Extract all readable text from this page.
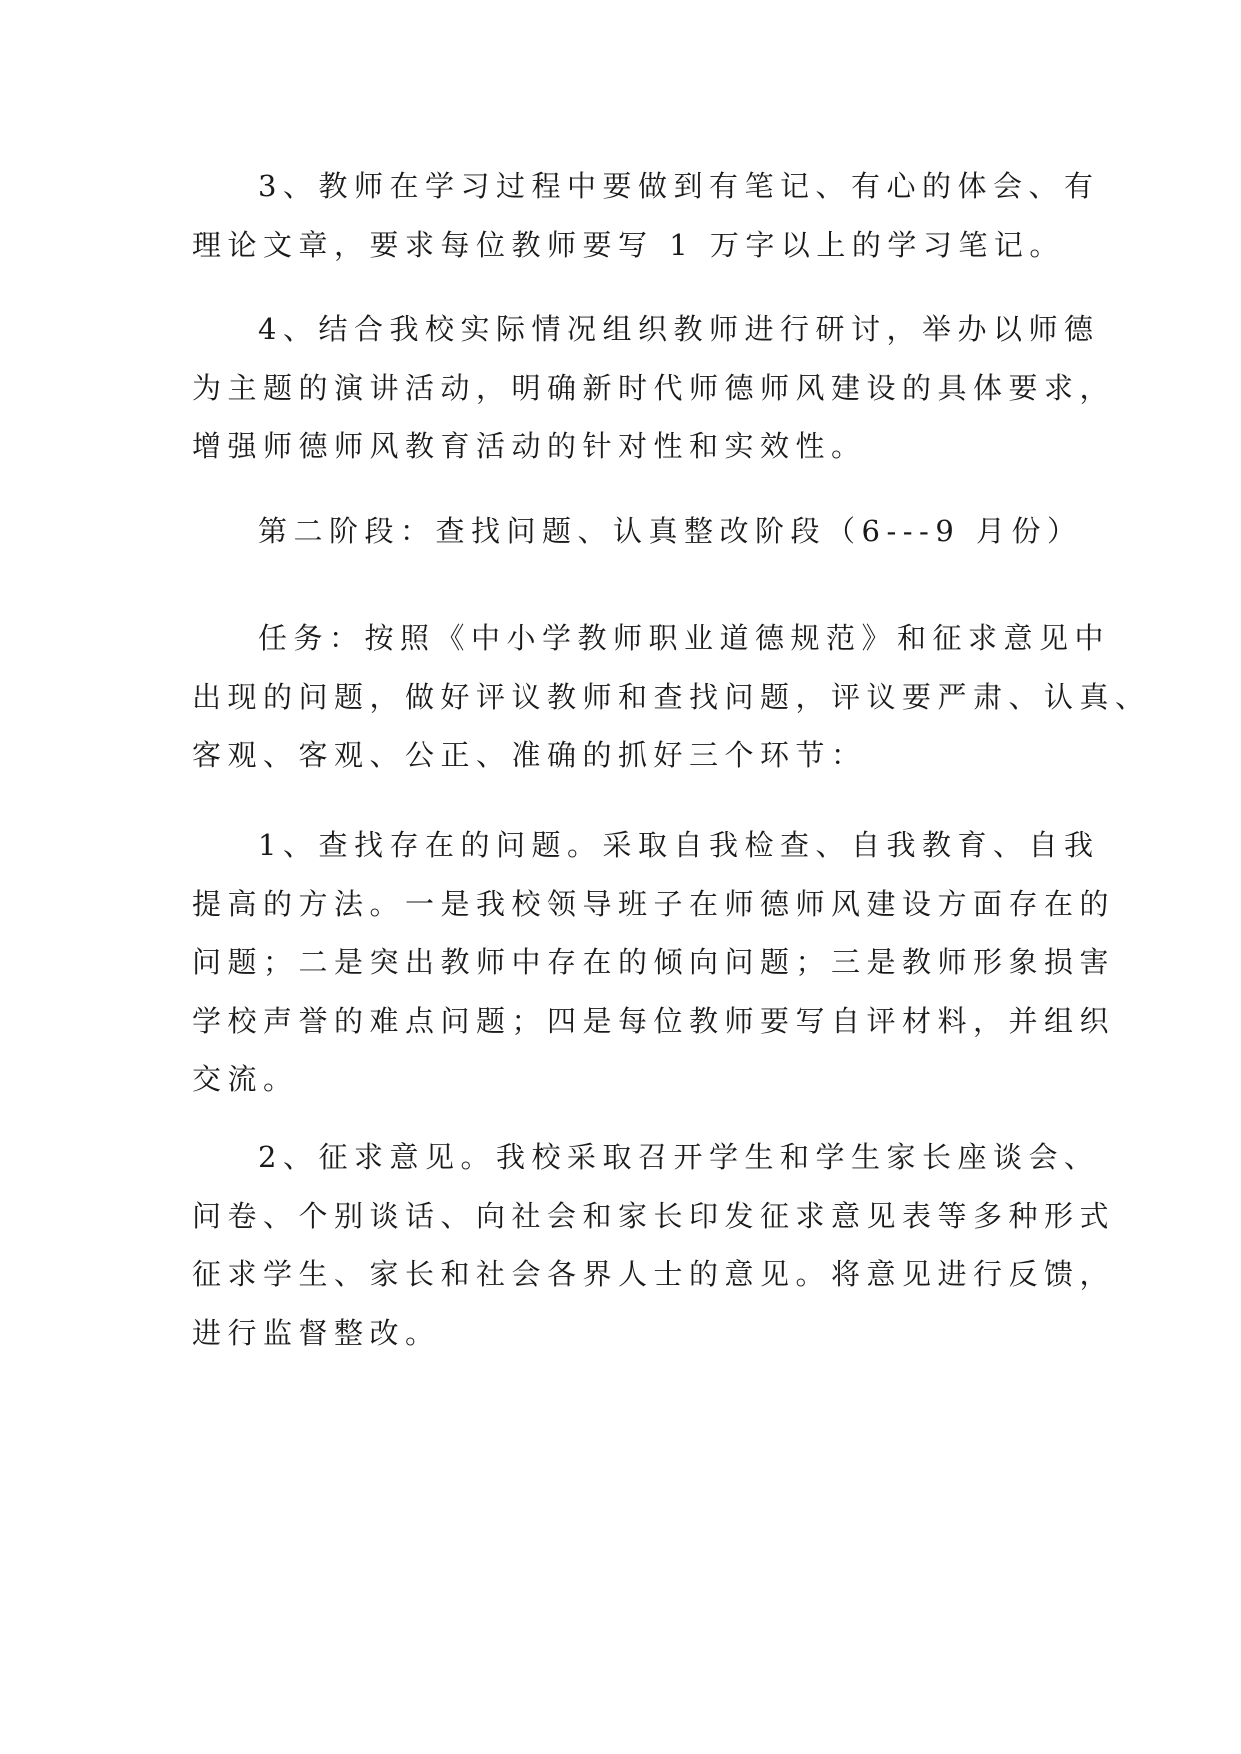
3、教师在学习过程中要做到有笔记、有心的体会、有
理论文章，要求每位教师要写 1 万字以上的学习笔记。
4、结合我校实际情况组织教师进行研讨，举办以师德
为主题的演讲活动，明确新时代师德师风建设的具体要求，
增强师德师风教育活动的针对性和实效性。
第二阶段：查找问题、认真整改阶段（6---9 月份）
任务：按照《中小学教师职业道德规范》和征求意见中
出现的问题，做好评议教师和查找问题，评议要严肃、认真、
客观、客观、公正、准确的抓好三个环节：
1、查找存在的问题。采取自我检查、自我教育、自我
提高的方法。一是我校领导班子在师德师风建设方面存在的
问题；二是突出教师中存在的倾向问题；三是教师形象损害
学校声誉的难点问题；四是每位教师要写自评材料，并组织
交流。
2、征求意见。我校采取召开学生和学生家长座谈会、
问卷、个别谈话、向社会和家长印发征求意见表等多种形式
征求学生、家长和社会各界人士的意见。将意见进行反馈，
进行监督整改。
